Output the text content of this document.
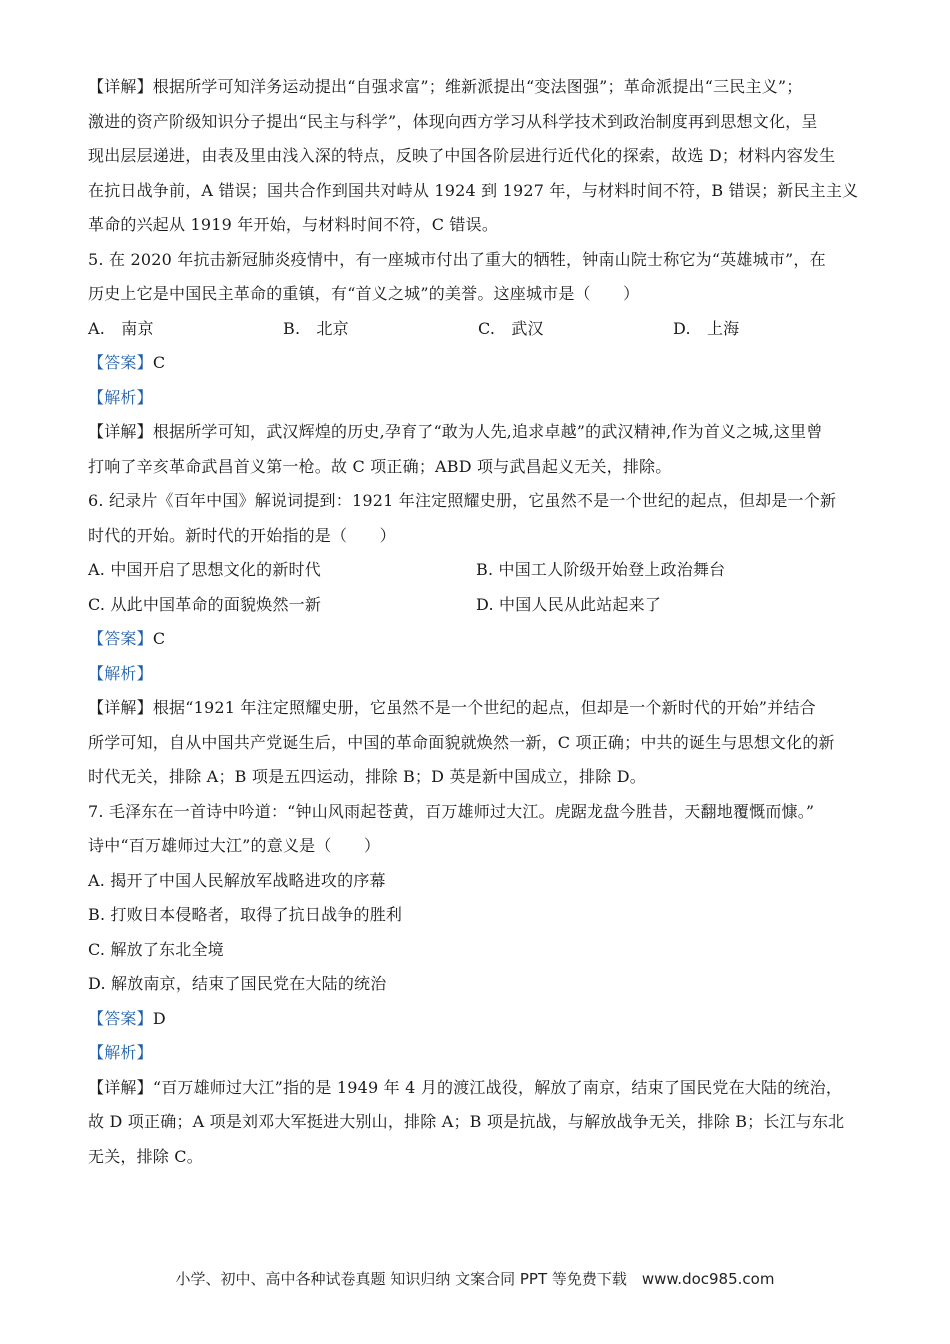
【详解】根据所学可知洋务运动提出“自强求富”；维新派提出“变法图强”；革命派提出“三民主义”；
激进的资产阶级知识分子提出“民主与科学”，体现向西方学习从科学技术到政治制度再到思想文化，呈
现出层层递进，由表及里由浅入深的特点，反映了中国各阶层进行近代化的探索，故选 D；材料内容发生
在抗日战争前，A 错误；国共合作到国共对峙从 1924 到 1927 年，与材料时间不符，B 错误；新民主主义
革命的兴起从 1919 年开始，与材料时间不符，C 错误。
5. 在 2020 年抗击新冠肺炎疫情中，有一座城市付出了重大的牺牲，钟南山院士称它为“英雄城市”，在
历史上它是中国民主革命的重镇，有“首义之城”的美誉。这座城市是（　　）
A.　南京	B.　北京	C.　武汉	D.　上海
【答案】C
【解析】
【详解】根据所学可知，武汉辉煌的历史,孕育了“敢为人先,追求卓越”的武汉精神,作为首义之城,这里曾
打响了辛亥革命武昌首义第一枪。故 C 项正确；ABD 项与武昌起义无关，排除。
6. 纪录片《百年中国》解说词提到：1921 年注定照耀史册，它虽然不是一个世纪的起点，但却是一个新
时代的开始。新时代的开始指的是（　　）
A. 中国开启了思想文化的新时代	B. 中国工人阶级开始登上政治舞台
C. 从此中国革命的面貌焕然一新	D. 中国人民从此站起来了
【答案】C
【解析】
【详解】根据“1921 年注定照耀史册，它虽然不是一个世纪的起点，但却是一个新时代的开始”并结合
所学可知，自从中国共产党诞生后，中国的革命面貌就焕然一新，C 项正确；中共的诞生与思想文化的新
时代无关，排除 A；B 项是五四运动，排除 B；D 英是新中国成立，排除 D。
7. 毛泽东在一首诗中吟道：“钟山风雨起苍黄，百万雄师过大江。虎踞龙盘今胜昔，天翻地覆慨而慷。”
诗中“百万雄师过大江”的意义是（　　）
A. 揭开了中国人民解放军战略进攻的序幕
B. 打败日本侵略者，取得了抗日战争的胜利
C. 解放了东北全境
D. 解放南京，结束了国民党在大陆的统治
【答案】D
【解析】
【详解】“百万雄师过大江”指的是 1949 年 4 月的渡江战役，解放了南京，结束了国民党在大陆的统治，
故 D 项正确；A 项是刘邓大军挺进大别山，排除 A；B 项是抗战，与解放战争无关，排除 B；长江与东北
无关，排除 C。
小学、初中、高中各种试卷真题 知识归纳 文案合同 PPT 等免费下载　www.doc985.com
